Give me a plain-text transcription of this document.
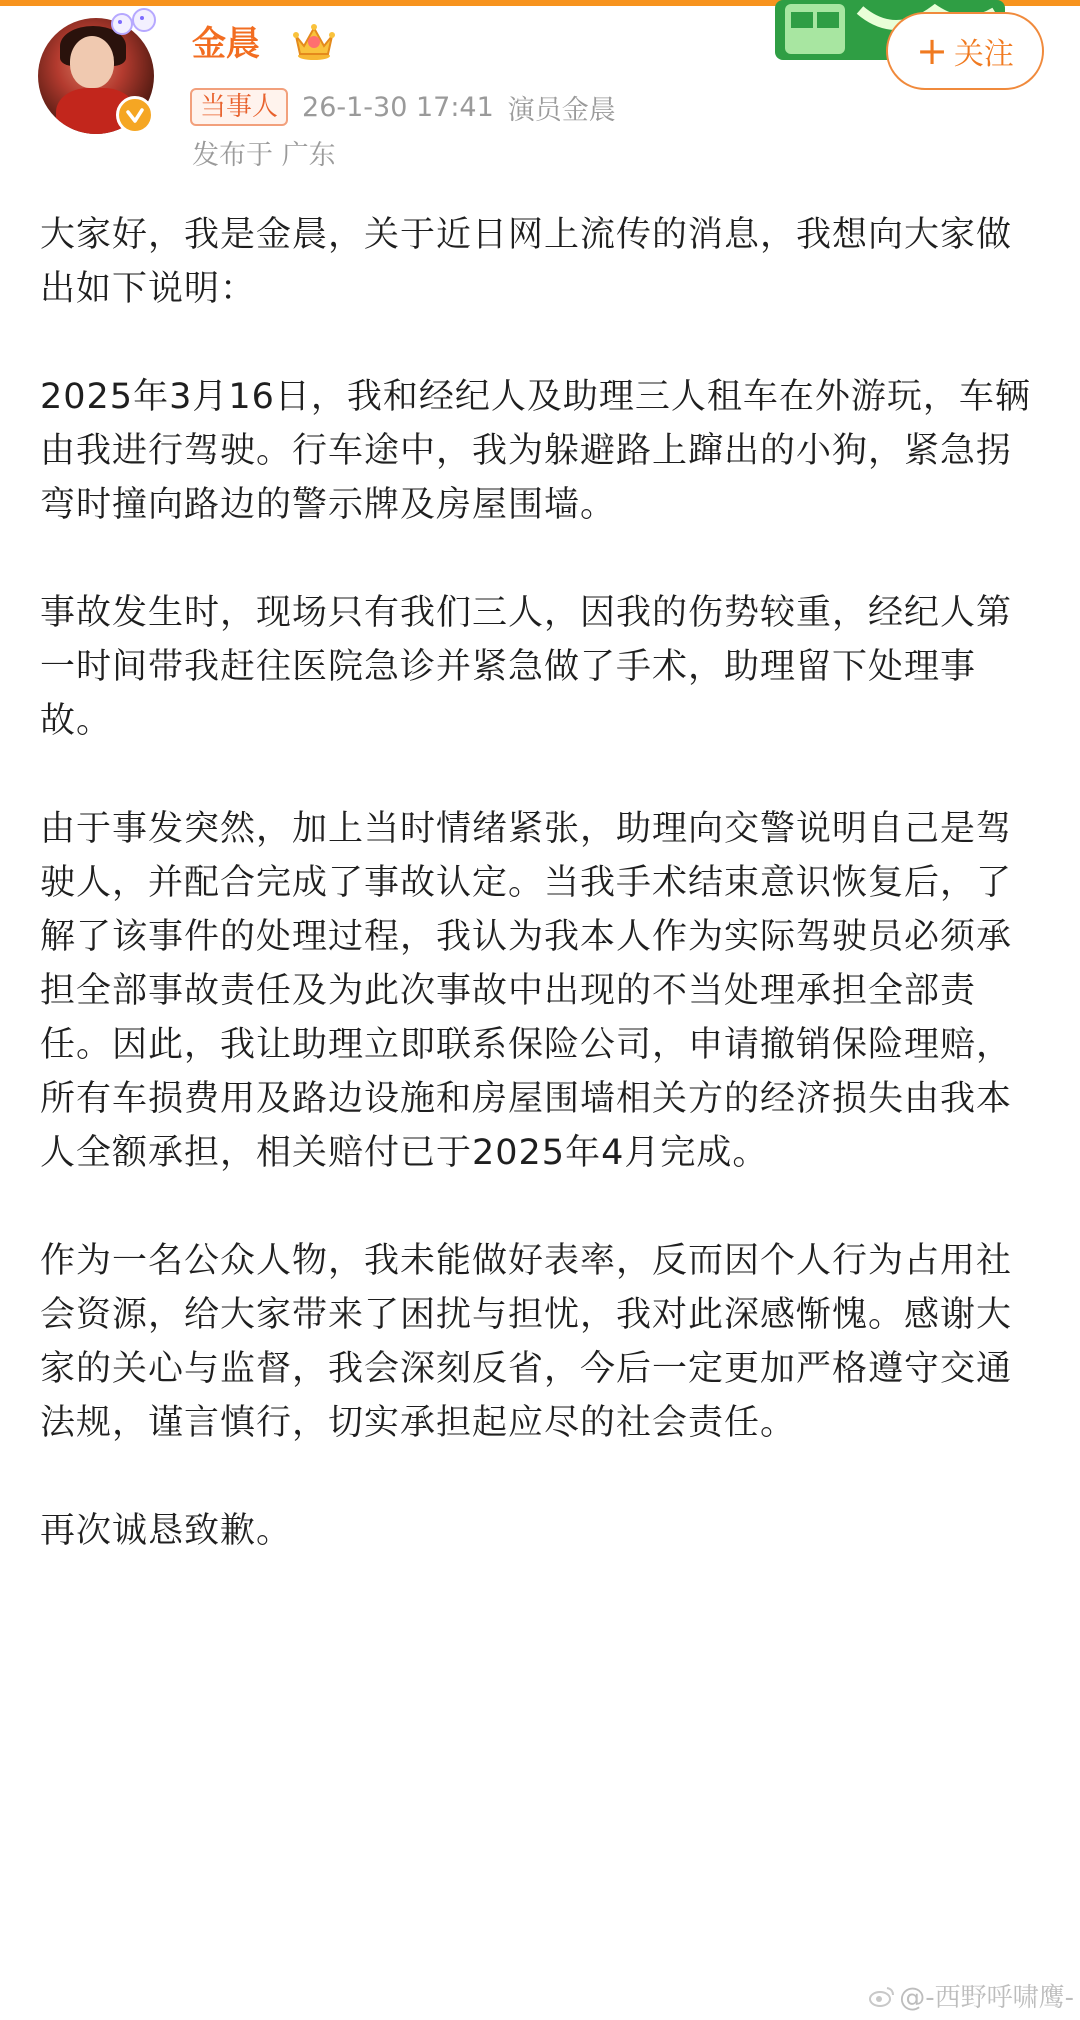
金晨
当事人 26-1-30 17:41 演员金晨
发布于 广东
+ 关注

大家好，我是金晨，关于近日网上流传的消息，我想向大家做出如下说明：

2025年3月16日，我和经纪人及助理三人租车在外游玩，车辆由我进行驾驶。行车途中，我为躲避路上蹿出的小狗，紧急拐弯时撞向路边的警示牌及房屋围墙。

事故发生时，现场只有我们三人，因我的伤势较重，经纪人第一时间带我赶往医院急诊并紧急做了手术，助理留下处理事故。

由于事发突然，加上当时情绪紧张，助理向交警说明自己是驾驶人，并配合完成了事故认定。当我手术结束意识恢复后，了解了该事件的处理过程，我认为我本人作为实际驾驶员必须承担全部事故责任及为此次事故中出现的不当处理承担全部责任。因此，我让助理立即联系保险公司，申请撤销保险理赔，所有车损费用及路边设施和房屋围墙相关方的经济损失由我本人全额承担，相关赔付已于2025年4月完成。

作为一名公众人物，我未能做好表率，反而因个人行为占用社会资源，给大家带来了困扰与担忧，我对此深感惭愧。感谢大家的关心与监督，我会深刻反省，今后一定更加严格遵守交通法规，谨言慎行，切实承担起应尽的社会责任。

再次诚恳致歉。

@-西野呼啸鹰-
